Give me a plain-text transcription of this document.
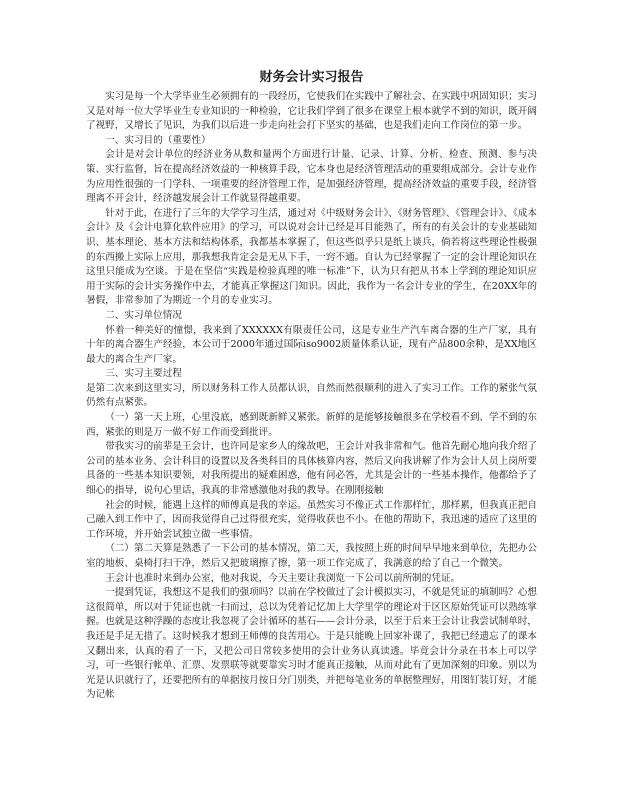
财务会计实习报告

实习是每一个大学毕业生必须拥有的一段经历，它使我们在实践中了解社会、在实践中巩固知识；实习又是对每一位大学毕业生专业知识的一种检验，它让我们学到了很多在课堂上根本就学不到的知识，既开阔了视野，又增长了见识，为我们以后进一步走向社会打下坚实的基础，也是我们走向工作岗位的第一步。

一、实习目的（重要性）

会计是对会计单位的经济业务从数和量两个方面进行计量、记录、计算、分析、检查、预测、参与决策、实行监督，旨在提高经济效益的一种核算手段，它本身也是经济管理活动的重要组成部分。会计专业作为应用性很强的一门学科、一项重要的经济管理工作，是加强经济管理，提高经济效益的重要手段，经济管理离不开会计，经济越发展会计工作就显得越重要。

针对于此，在进行了三年的大学学习生活，通过对《中级财务会计》、《财务管理》、《管理会计》、《成本会计》及《会计电算化软件应用》的学习，可以说对会计已经是耳目能熟了，所有的有关会计的专业基础知识、基本理论、基本方法和结构体系，我都基本掌握了，但这些似乎只是纸上谈兵，倘若将这些理论性极强的东西搬上实际上应用，那我想我肯定会是无从下手，一窍不通。自认为已经掌握了一定的会计理论知识在这里只能成为空谈。于是在坚信“实践是检验真理的唯一标准”下，认为只有把从书本上学到的理论知识应用于实际的会计实务操作中去，才能真正掌握这门知识。因此，我作为一名会计专业的学生，在20XX年的暑假，非常参加了为期近一个月的专业实习。

二、实习单位情况

怀着一种美好的憧憬，我来到了XXXXXX有限责任公司，这是专业生产汽车离合器的生产厂家，具有十年的离合器生产经验，本公司于2000年通过国际iso9002质量体系认证，现有产品800余种，是XX地区最大的离合生产厂家。

三、实习主要过程

是第二次来到这里实习，所以财务科工作人员都认识，自然而然很顺利的进入了实习工作。工作的紧张气氛仍然有点紧张。

（一）第一天上班，心里没底，感到既新鲜又紧张。新鲜的是能够接触很多在学校看不到、学不到的东西，紧张的则是万一做不好工作而受到批评。

带我实习的前辈是王会计，也许同是家乡人的缘故吧，王会计对我非常和气。他首先耐心地向我介绍了公司的基本业务、会计科目的设置以及各类科目的具体核算内容，然后又向我讲解了作为会计人员上岗所要具备的一些基本知识要领，对我所提出的疑难困惑，他有问必答，尤其是会计的一些基本操作，他都给予了细心的指导，说句心里话，我真的非常感激他对我的教导。在刚刚接触

社会的时候，能遇上这样的师傅真是我的幸运。虽然实习不像正式工作那样忙，那样累，但我真正把自己融入到工作中了，因而我觉得自己过得很充实，觉得收获也不小。在他的帮助下，我迅速的适应了这里的工作环境，并开始尝试独立做一些事情。

（二）第二天算是熟悉了一下公司的基本情况，第二天，我按照上班的时间早早地来到单位，先把办公室的地板、桌椅打扫干净，然后又把玻璃擦了擦，第一项工作完成了，我满意的给了自己一个微笑。

王会计也准时来到办公室，他对我说，今天主要让我浏览一下公司以前所制的凭证。

一提到凭证，我想这不是我们的强项吗？以前在学校做过了会计模拟实习，不就是凭证的填制吗？心想这很简单，所以对于凭证也就一扫而过，总以为凭着记忆加上大学里学的理论对于区区原始凭证可以熟练掌握。也就是这种浮躁的态度让我忽视了会计循环的基石——会计分录，以至于后来王会计让我尝试制单时，我还是手足无措了。这时候我才想到王师傅的良苦用心。于是只能晚上回家补课了，我把已经遗忘了的课本又翻出来，认真的看了一下，又把公司日常较多使用的会计业务认真读透。毕竟会计分录在书本上可以学习，可一些银行帐单、汇票、发票联等就要靠实习时才能真正接触，从而对此有了更加深刻的印象。别以为光是认识就行了，还要把所有的单据按月按日分门别类，并把每笔业务的单据整理好，用图钉装订好，才能为记帐
